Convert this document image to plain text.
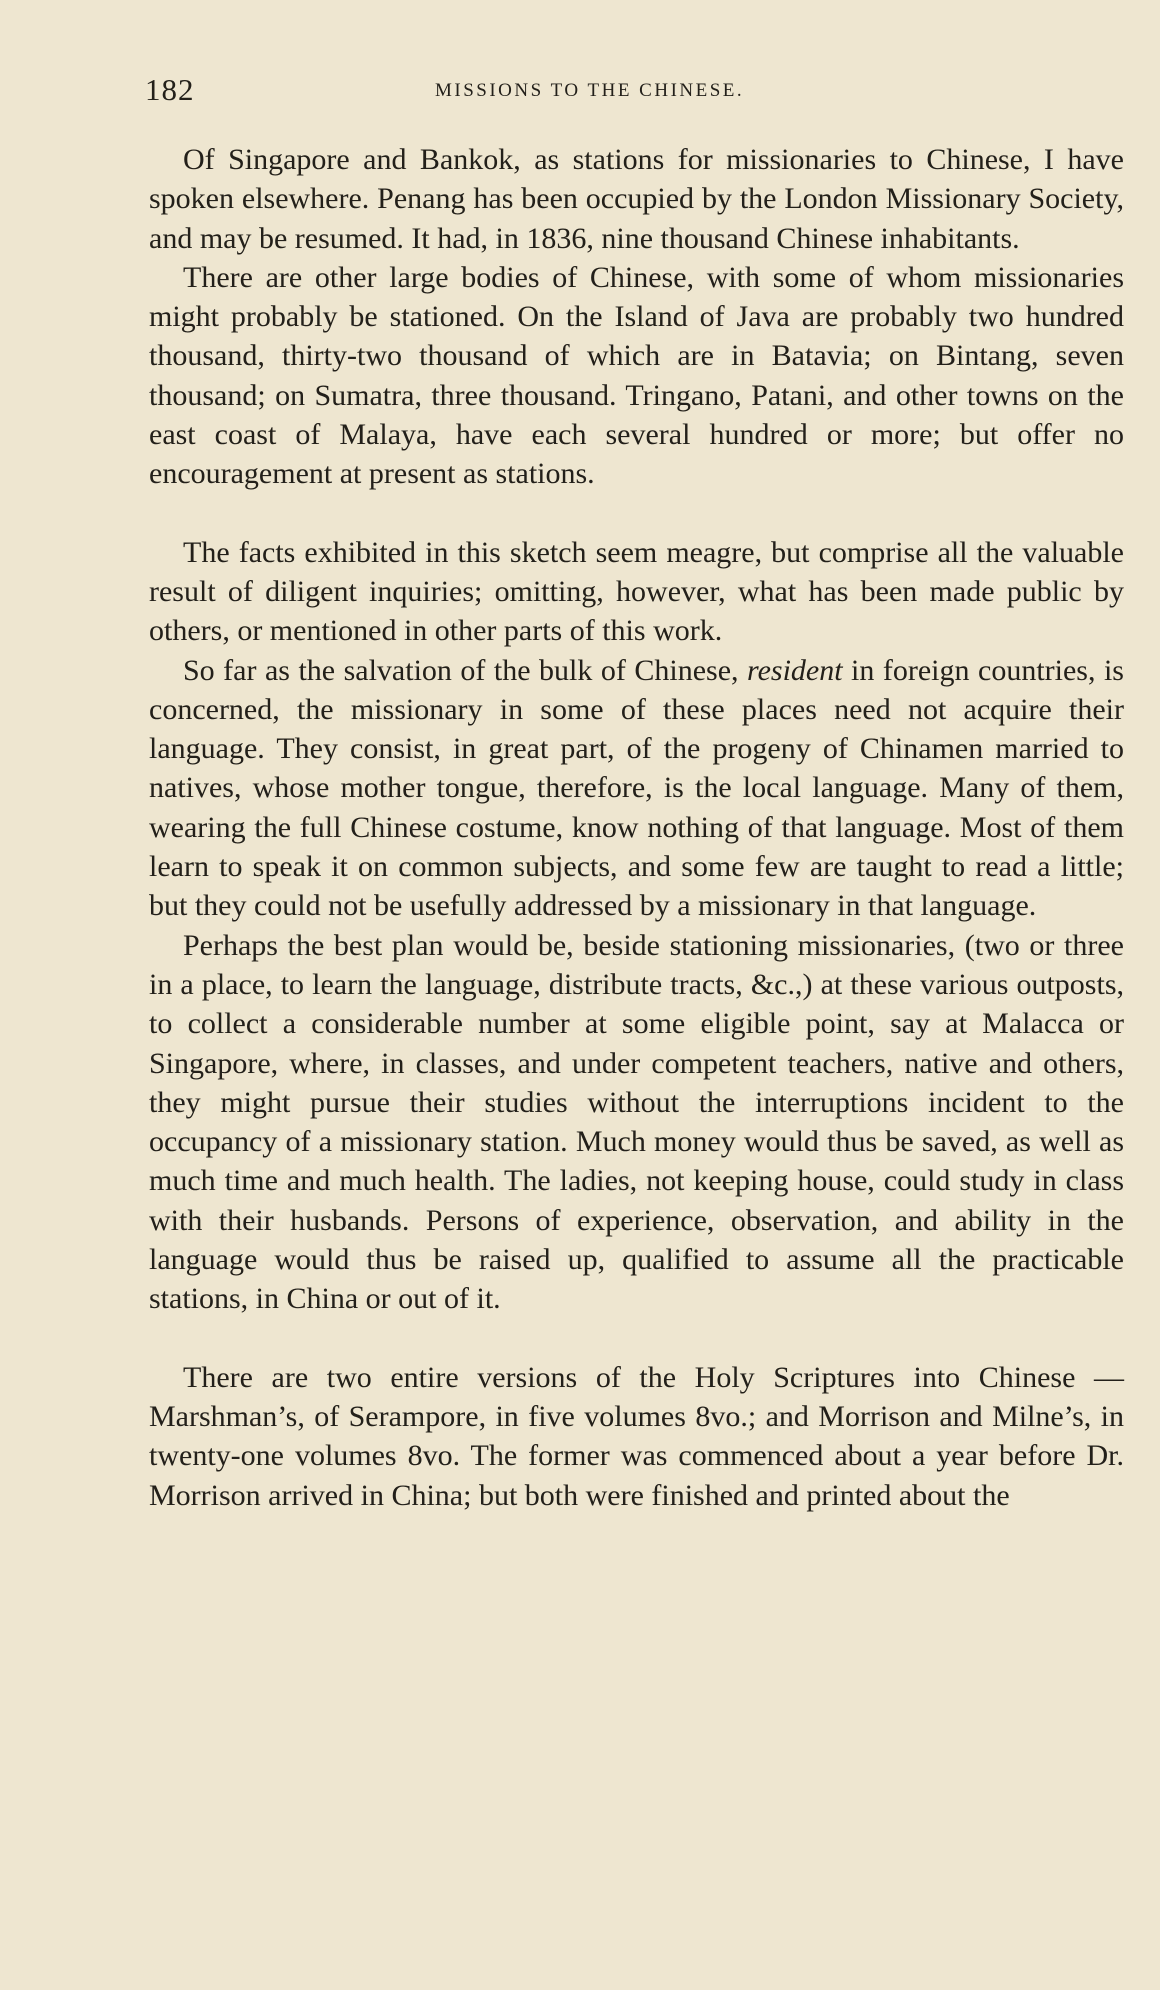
182	MISSIONS TO THE CHINESE.

Of Singapore and Bankok, as stations for missionaries to Chinese, I have spoken elsewhere. Penang has been occupied by the London Missionary Society, and may be resumed. It had, in 1836, nine thousand Chinese inhabitants.

There are other large bodies of Chinese, with some of whom missionaries might probably be stationed. On the Island of Java are probably two hundred thousand, thirty-two thousand of which are in Batavia; on Bintang, seven thousand; on Sumatra, three thousand. Tringano, Patani, and other towns on the east coast of Malaya, have each several hundred or more; but offer no encouragement at present as stations.

The facts exhibited in this sketch seem meagre, but comprise all the valuable result of diligent inquiries; omitting, however, what has been made public by others, or mentioned in other parts of this work.

So far as the salvation of the bulk of Chinese, resident in foreign countries, is concerned, the missionary in some of these places need not acquire their language. They consist, in great part, of the progeny of Chinamen married to natives, whose mother tongue, therefore, is the local language. Many of them, wearing the full Chinese costume, know nothing of that language. Most of them learn to speak it on common subjects, and some few are taught to read a little; but they could not be usefully addressed by a missionary in that language.

Perhaps the best plan would be, beside stationing missionaries, (two or three in a place, to learn the language, distribute tracts, &c.,) at these various outposts, to collect a considerable number at some eligible point, say at Malacca or Singapore, where, in classes, and under competent teachers, native and others, they might pursue their studies without the interruptions incident to the occupancy of a missionary station. Much money would thus be saved, as well as much time and much health. The ladies, not keeping house, could study in class with their husbands. Persons of experience, observation, and ability in the language would thus be raised up, qualified to assume all the practicable stations, in China or out of it.

There are two entire versions of the Holy Scriptures into Chinese — Marshman’s, of Serampore, in five volumes 8vo.; and Morrison and Milne’s, in twenty-one volumes 8vo. The former was commenced about a year before Dr. Morrison arrived in China; but both were finished and printed about the
